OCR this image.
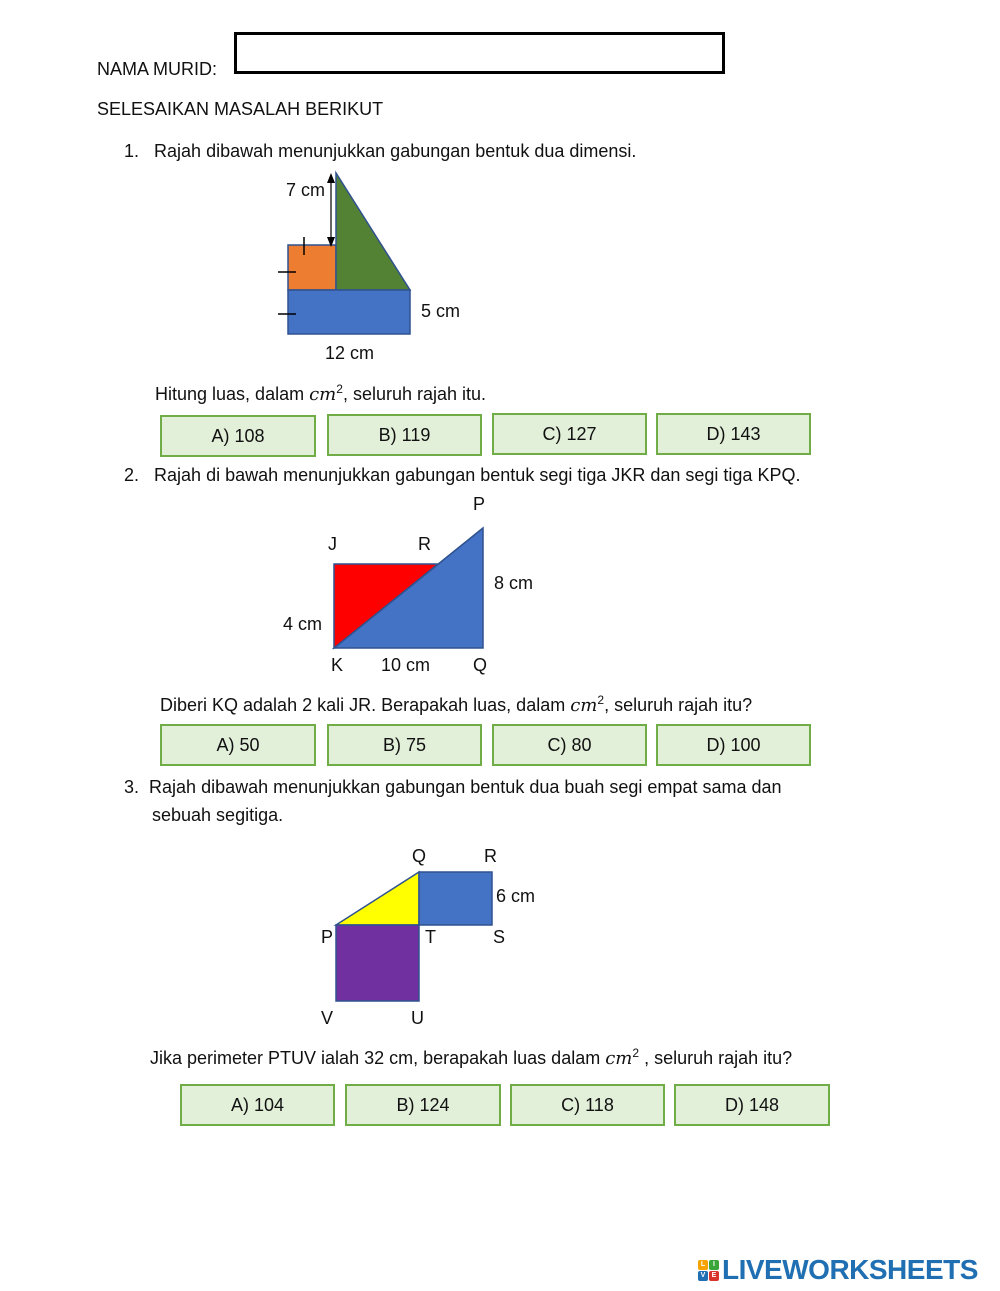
NAMA MURID:
SELESAIKAN MASALAH BERIKUT
1. Rajah dibawah menunjukkan gabungan bentuk dua dimensi.
7 cm
5 cm
12 cm
Hitung luas, dalam $cm^2$, seluruh rajah itu.
A) 108	B) 119	C) 127	D) 143
2. Rajah di bawah menunjukkan gabungan bentuk segi tiga JKR dan segi tiga KPQ.
P
J	R
8 cm
4 cm
K 10 cm Q
Diberi KQ adalah 2 kali JR. Berapakah luas, dalam $cm^2$, seluruh rajah itu?
A) 50	B) 75	C) 80	D) 100
3.  Rajah dibawah menunjukkan gabungan bentuk dua buah segi empat sama dan
sebuah segitiga.
Q	R
6 cm
P	T	S
V	U
Jika perimeter PTUV ialah 32 cm, berapakah luas dalam $cm^2$ , seluruh rajah itu?
A) 104	B) 124	C) 118	D) 148
L	I
V E LIVEWORKSHEETS
